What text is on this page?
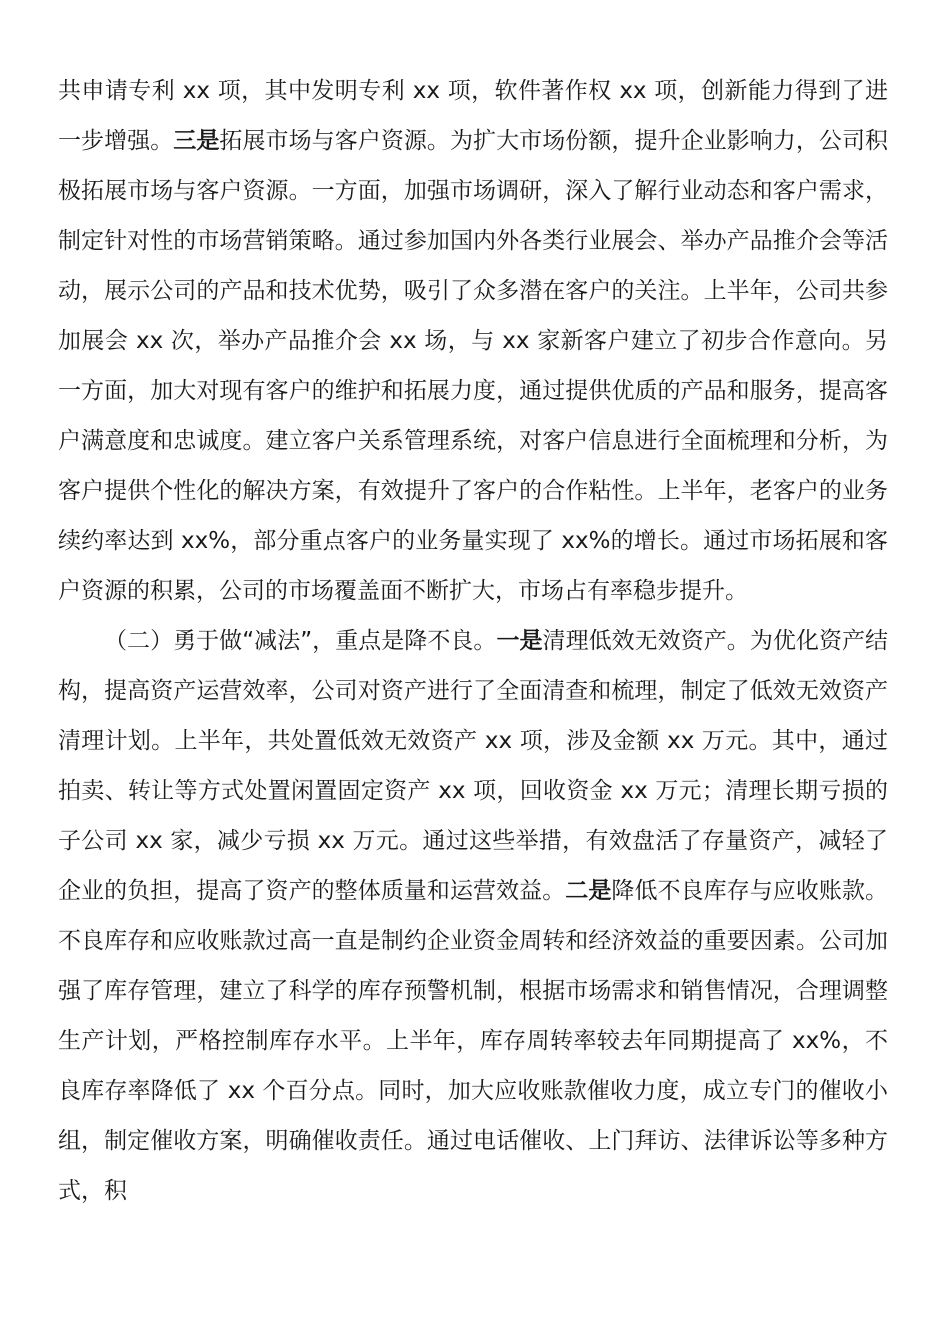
共申请专利 xx 项，其中发明专利 xx 项，软件著作权 xx 项，创新能力得到了进一步增强。三是拓展市场与客户资源。为扩大市场份额，提升企业影响力，公司积极拓展市场与客户资源。一方面，加强市场调研，深入了解行业动态和客户需求，制定针对性的市场营销策略。通过参加国内外各类行业展会、举办产品推介会等活动，展示公司的产品和技术优势，吸引了众多潜在客户的关注。上半年，公司共参加展会 xx 次，举办产品推介会 xx 场，与 xx 家新客户建立了初步合作意向。另一方面，加大对现有客户的维护和拓展力度，通过提供优质的产品和服务，提高客户满意度和忠诚度。建立客户关系管理系统，对客户信息进行全面梳理和分析，为客户提供个性化的解决方案，有效提升了客户的合作粘性。上半年，老客户的业务续约率达到 xx%，部分重点客户的业务量实现了 xx%的增长。通过市场拓展和客户资源的积累，公司的市场覆盖面不断扩大，市场占有率稳步提升。

（二）勇于做“减法”，重点是降不良。一是清理低效无效资产。为优化资产结构，提高资产运营效率，公司对资产进行了全面清查和梳理，制定了低效无效资产清理计划。上半年，共处置低效无效资产 xx 项，涉及金额 xx 万元。其中，通过拍卖、转让等方式处置闲置固定资产 xx 项，回收资金 xx 万元；清理长期亏损的子公司 xx 家，减少亏损 xx 万元。通过这些举措，有效盘活了存量资产，减轻了企业的负担，提高了资产的整体质量和运营效益。二是降低不良库存与应收账款。不良库存和应收账款过高一直是制约企业资金周转和经济效益的重要因素。公司加强了库存管理，建立了科学的库存预警机制，根据市场需求和销售情况，合理调整生产计划，严格控制库存水平。上半年，库存周转率较去年同期提高了 xx%，不良库存率降低了 xx 个百分点。同时，加大应收账款催收力度，成立专门的催收小组，制定催收方案，明确催收责任。通过电话催收、上门拜访、法律诉讼等多种方式，积
